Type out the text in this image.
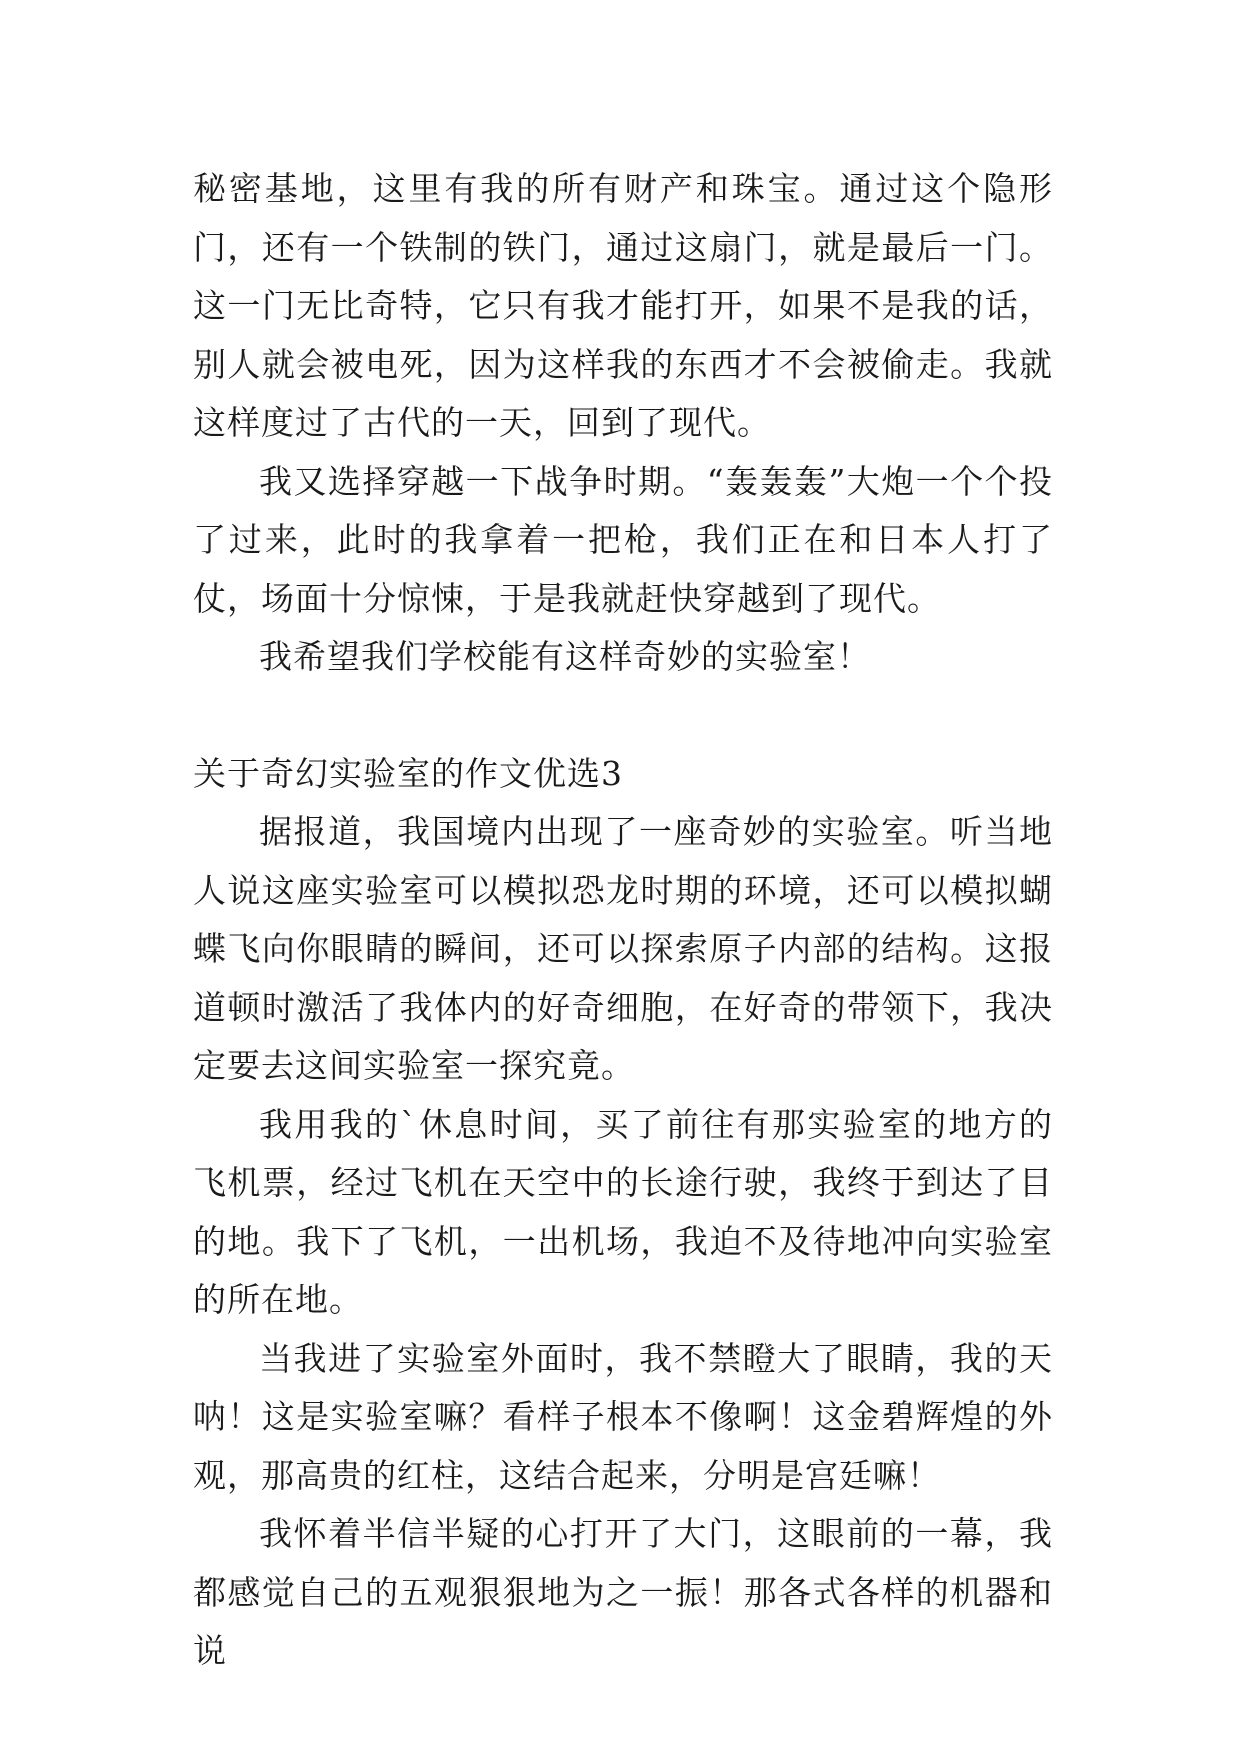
秘密基地，这里有我的所有财产和珠宝。通过这个隐形门，还有一个铁制的铁门，通过这扇门，就是最后一门。这一门无比奇特，它只有我才能打开，如果不是我的话，别人就会被电死，因为这样我的东西才不会被偷走。我就这样度过了古代的一天，回到了现代。

我又选择穿越一下战争时期。“轰轰轰”大炮一个个投了过来，此时的我拿着一把枪，我们正在和日本人打了仗，场面十分惊悚，于是我就赶快穿越到了现代。

我希望我们学校能有这样奇妙的实验室！

关于奇幻实验室的作文优选3

据报道，我国境内出现了一座奇妙的实验室。听当地人说这座实验室可以模拟恐龙时期的环境，还可以模拟蝴蝶飞向你眼睛的瞬间，还可以探索原子内部的结构。这报道顿时激活了我体内的好奇细胞，在好奇的带领下，我决定要去这间实验室一探究竟。

我用我的`休息时间，买了前往有那实验室的地方的飞机票，经过飞机在天空中的长途行驶，我终于到达了目的地。我下了飞机，一出机场，我迫不及待地冲向实验室的所在地。

当我进了实验室外面时，我不禁瞪大了眼睛，我的天呐！这是实验室嘛？看样子根本不像啊！这金碧辉煌的外观，那高贵的红柱，这结合起来，分明是宫廷嘛！

我怀着半信半疑的心打开了大门，这眼前的一幕，我都感觉自己的五观狠狠地为之一振！那各式各样的机器和说
